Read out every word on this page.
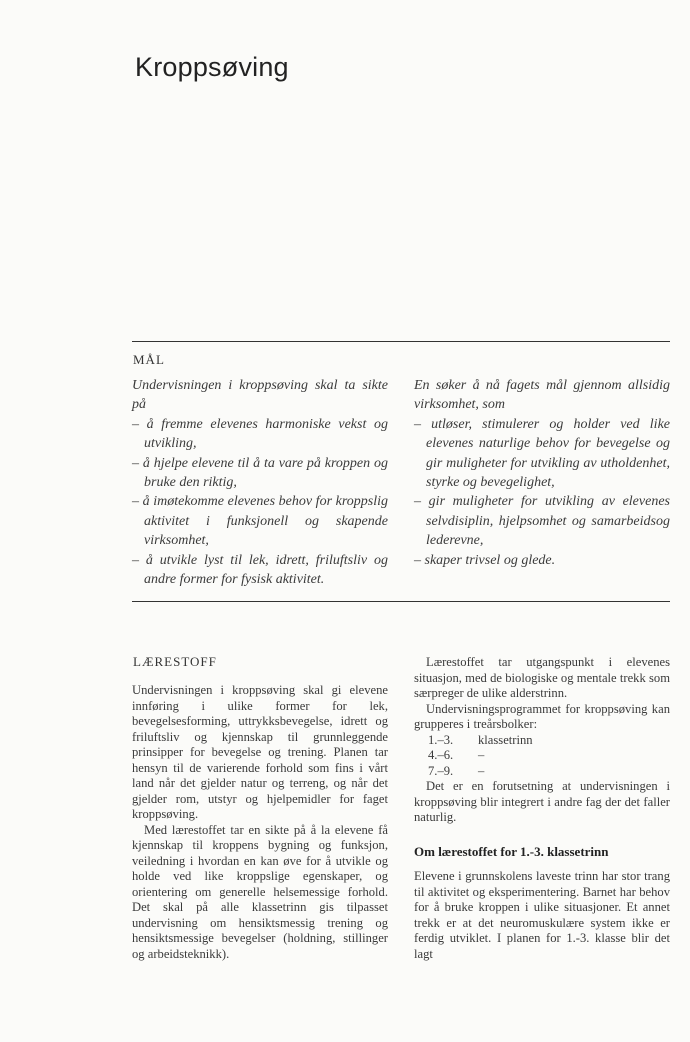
Kroppsøving
MÅL

Undervisningen i kroppsøving skal ta sikte på

– å fremme elevenes harmoniske vekst og utvikling,

– å hjelpe elevene til å ta vare på kroppen og bruke den riktig,

– å imøtekomme elevenes behov for kroppslig aktivitet i funksjonell og skapende virksomhet,

– å utvikle lyst til lek, idrett, friluftsliv og andre former for fysisk aktivitet.

En søker å nå fagets mål gjennom allsidig virksomhet, som

– utløser, stimulerer og holder ved like elevenes naturlige behov for bevegelse og gir muligheter for utvikling av utholdenhet, styrke og bevegelighet,

– gir muligheter for utvikling av elevenes selvdisiplin, hjelpsomhet og samarbeidsog lederevne,

– skaper trivsel og glede.

LÆRESTOFF

Undervisningen i kroppsøving skal gi elevene innføring i ulike former for lek, bevegelsesforming, uttrykksbevegelse, idrett og friluftsliv og kjennskap til grunnleggende prinsipper for bevegelse og trening. Planen tar hensyn til de varierende forhold som fins i vårt land når det gjelder natur og terreng, og når det gjelder rom, utstyr og hjelpemidler for faget kroppsøving.

Med lærestoffet tar en sikte på å la elevene få kjennskap til kroppens bygning og funksjon, veiledning i hvordan en kan øve for å utvikle og holde ved like kroppslige egenskaper, og orientering om generelle helsemessige forhold. Det skal på alle klassetrinn gis tilpasset undervisning om hensiktsmessig trening og hensiktsmessige bevegelser (holdning, stillinger og arbeidsteknikk).

Lærestoffet tar utgangspunkt i elevenes situasjon, med de biologiske og mentale trekk som særpreger de ulike alderstrinn.

Undervisningsprogrammet for kroppsøving kan grupperes i treårsbolker:

1.–3. klassetrinn

4.–6. –

7.–9. –

Det er en forutsetning at undervisningen i kroppsøving blir integrert i andre fag der det faller naturlig.

Om lærestoffet for 1.-3. klassetrinn

Elevene i grunnskolens laveste trinn har stor trang til aktivitet og eksperimentering. Barnet har behov for å bruke kroppen i ulike situasjoner. Et annet trekk er at det neuromuskulære system ikke er ferdig utviklet. I planen for 1.-3. klasse blir det lagt
